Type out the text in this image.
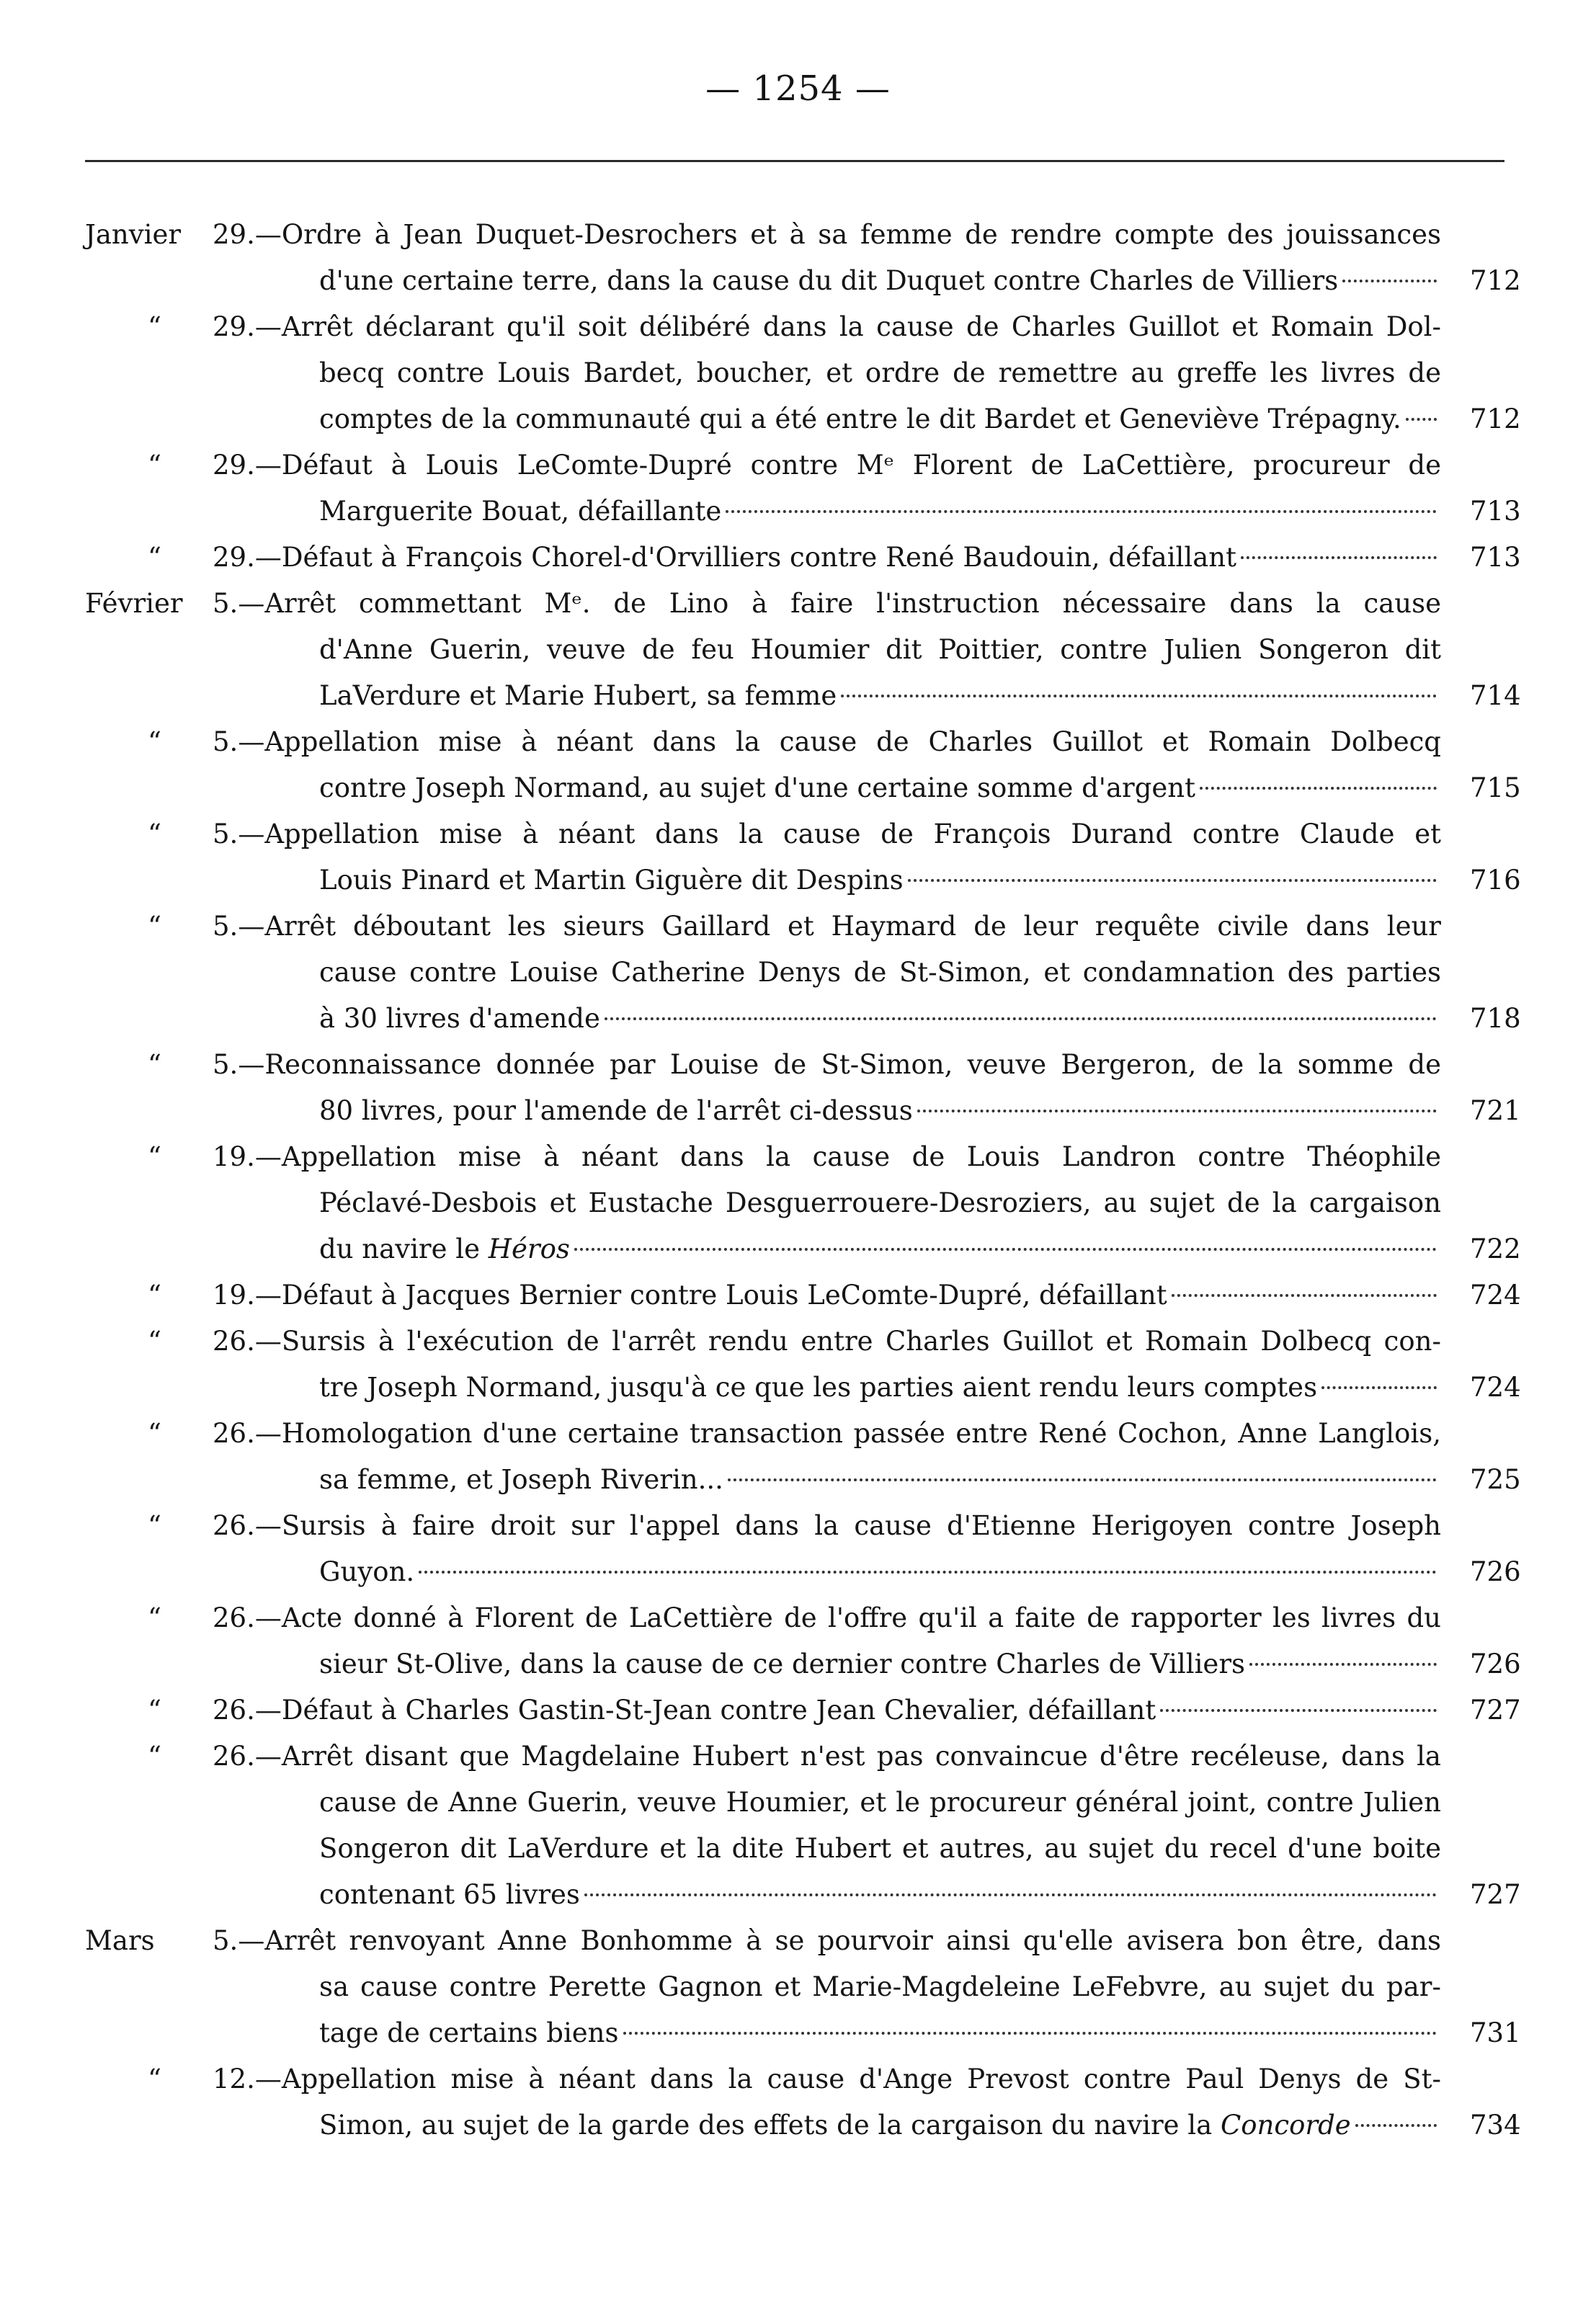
— 1254 —
Janvier 29.—Ordre à Jean Duquet-Desrochers et à sa femme de rendre compte des jouissances
d'une certaine terre, dans la cause du dit Duquet contre Charles de Villiers	712
“ 29.—Arrêt déclarant qu'il soit délibéré dans la cause de Charles Guillot et Romain Dol-
becq contre Louis Bardet, boucher, et ordre de remettre au greffe les livres de
comptes de la communauté qui a été entre le dit Bardet et Geneviève Trépagny.	712
“ 29.—Défaut à Louis LeComte-Dupré contre Mᵉ Florent de LaCettière, procureur de
Marguerite Bouat, défaillante	713
“ 29.—Défaut à François Chorel-d'Orvilliers contre René Baudouin, défaillant	713
Février 5.—Arrêt commettant Mᵉ. de Lino à faire l'instruction nécessaire dans la cause
d'Anne Guerin, veuve de feu Houmier dit Poittier, contre Julien Songeron dit
LaVerdure et Marie Hubert, sa femme	714
“ 5.—Appellation mise à néant dans la cause de Charles Guillot et Romain Dolbecq
contre Joseph Normand, au sujet d'une certaine somme d'argent	715
“ 5.—Appellation mise à néant dans la cause de François Durand contre Claude et
Louis Pinard et Martin Giguère dit Despins	716
“ 5.—Arrêt déboutant les sieurs Gaillard et Haymard de leur requête civile dans leur
cause contre Louise Catherine Denys de St-Simon, et condamnation des parties
à 30 livres d'amende	718
“ 5.—Reconnaissance donnée par Louise de St-Simon, veuve Bergeron, de la somme de
80 livres, pour l'amende de l'arrêt ci-dessus	721
“ 19.—Appellation mise à néant dans la cause de Louis Landron contre Théophile
Péclavé-Desbois et Eustache Desguerrouere-Desroziers, au sujet de la cargaison
du navire le Héros	722
“ 19.—Défaut à Jacques Bernier contre Louis LeComte-Dupré, défaillant	724
“ 26.—Sursis à l'exécution de l'arrêt rendu entre Charles Guillot et Romain Dolbecq con-
tre Joseph Normand, jusqu'à ce que les parties aient rendu leurs comptes	724
“ 26.—Homologation d'une certaine transaction passée entre René Cochon, Anne Langlois,
sa femme, et Joseph Riverin...	725
“ 26.—Sursis à faire droit sur l'appel dans la cause d'Etienne Herigoyen contre Joseph
Guyon.	726
“ 26.—Acte donné à Florent de LaCettière de l'offre qu'il a faite de rapporter les livres du
sieur St-Olive, dans la cause de ce dernier contre Charles de Villiers	726
“ 26.—Défaut à Charles Gastin-St-Jean contre Jean Chevalier, défaillant	727
“ 26.—Arrêt disant que Magdelaine Hubert n'est pas convaincue d'être recéleuse, dans la
cause de Anne Guerin, veuve Houmier, et le procureur général joint, contre Julien
Songeron dit LaVerdure et la dite Hubert et autres, au sujet du recel d'une boite
contenant 65 livres	727
Mars 5.—Arrêt renvoyant Anne Bonhomme à se pourvoir ainsi qu'elle avisera bon être, dans
sa cause contre Perette Gagnon et Marie-Magdeleine LeFebvre, au sujet du par-
tage de certains biens	731
“ 12.—Appellation mise à néant dans la cause d'Ange Prevost contre Paul Denys de St-
Simon, au sujet de la garde des effets de la cargaison du navire la Concorde	734
